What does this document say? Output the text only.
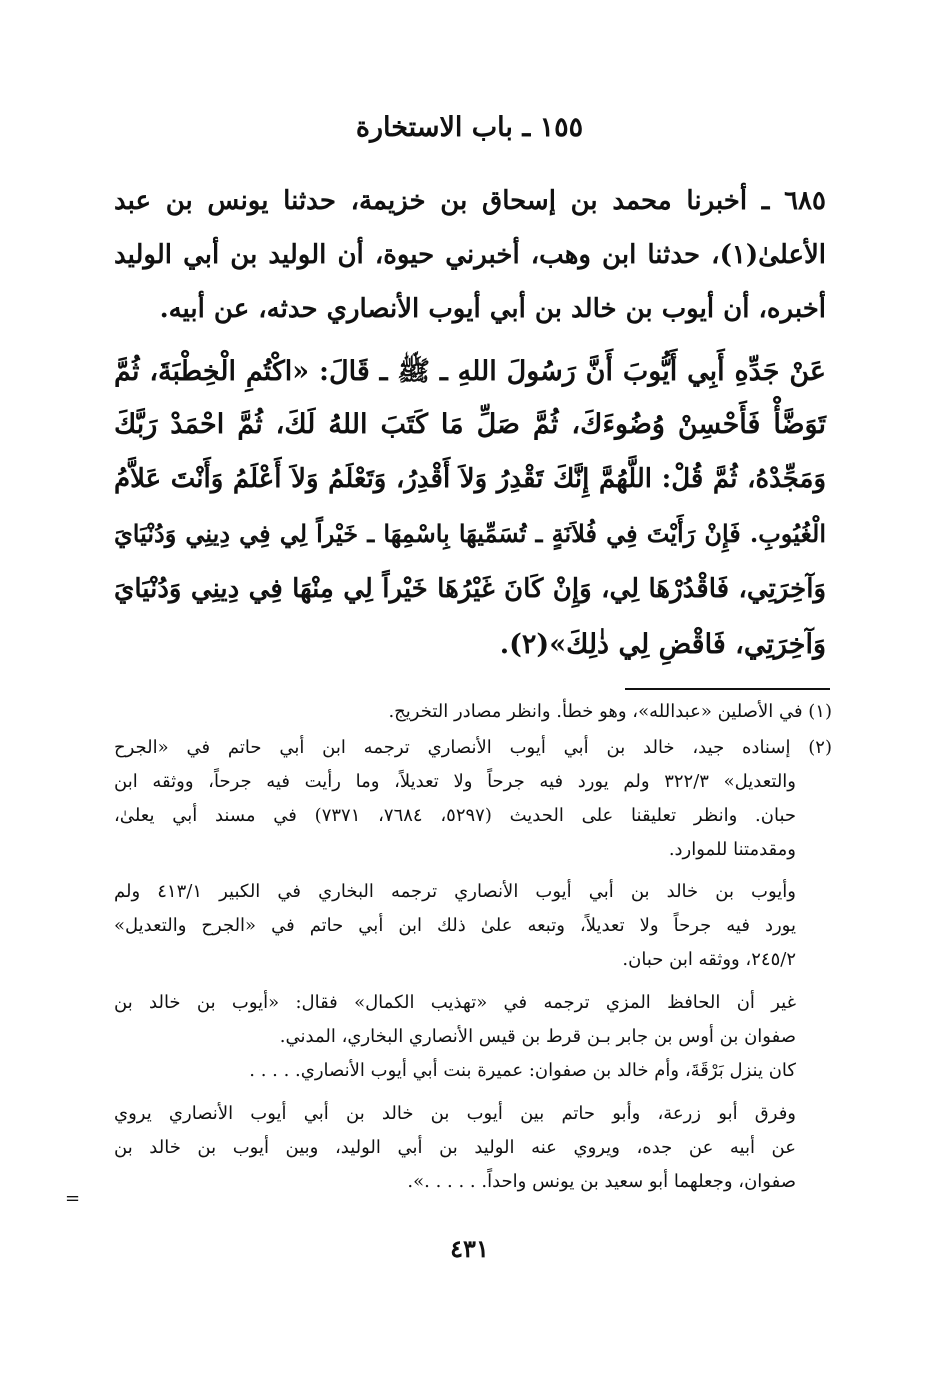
١٥٥ ـ باب الاستخارة
٦٨٥ ـ أخبرنا محمد بن إسحاق بن خزيمة، حدثنا يونس بن عبد
الأعلىٰ(١)، حدثنا ابن وهب، أخبرني حيوة، أن الوليد بن أبي الوليد
أخبره، أن أيوب بن خالد بن أبي أيوب الأنصاري حدثه، عن أبيه.
عَنْ جَدِّهِ أَبِي أَيُّوبَ أَنَّ رَسُولَ اللهِ ـ ﷺ ـ قَالَ: «اكْتُمِ الْخِطْبَةَ، ثُمَّ
تَوَضَّأْ فَأَحْسِنْ وُضُوءَكَ، ثُمَّ صَلِّ مَا كَتَبَ اللهُ لَكَ، ثُمَّ احْمَدْ رَبَّكَ
وَمَجِّدْهُ، ثُمَّ قُلْ: اللَّهُمَّ إِنَّكَ تَقْدِرُ وَلاَ أَقْدِرُ، وَتَعْلَمُ وَلاَ أَعْلَمُ وَأَنْتَ عَلاَّمُ
الْغُيُوبِ. فَإِنْ رَأَيْتَ فِي فُلاَنَةٍ ـ تُسَمِّيهَا بِاسْمِهَا ـ خَيْراً لِي فِي دِينِي وَدُنْيَايَ
وَآخِرَتِي، فَاقْدُرْهَا لِي، وَإِنْ كَانَ غَيْرُهَا خَيْراً لِي مِنْهَا فِي دِينِي وَدُنْيَايَ
وَآخِرَتِي، فَاقْضِ لِي ذٰلِكَ»(٢).
(١) في الأصلين «عبدالله»، وهو خطأ. وانظر مصادر التخريج.
(٢) إسناده جيد، خالد بن أبي أيوب الأنصاري ترجمه ابن أبي حاتم في «الجرح
والتعديل» ٣٢٢/٣ ولم يورد فيه جرحاً ولا تعديلاً، وما رأيت فيه جرحاً، ووثقه ابن
حبان. وانظر تعليقنا على الحديث (٥٢٩٧، ٧٦٨٤، ٧٣٧١) في مسند أبي يعلىٰ،
ومقدمتنا للموارد.
وأيوب بن خالد بن أبي أيوب الأنصاري ترجمه البخاري في الكبير ٤١٣/١ ولم
يورد فيه جرحاً ولا تعديلاً، وتبعه علىٰ ذلك ابن أبي حاتم في «الجرح والتعديل»
٢٤٥/٢، ووثقه ابن حبان.
غير أن الحافظ المزي ترجمه في «تهذيب الكمال» فقال: «أيوب بن خالد بن
صفوان بن أوس بن جابر بـن قرط بن قيس الأنصاري البخاري، المدني.
كان ينزل بَرْقَةَ، وأم خالد بن صفوان: عميرة بنت أبي أيوب الأنصاري. . . . .
وفرق أبو زرعة، وأبو حاتم بين أيوب بن خالد بن أبي أيوب الأنصاري يروي
عن أبيه عن جده، ويروي عنه الوليد بن أبي الوليد، وبين أيوب بن خالد بن
صفوان، وجعلهما أبو سعيد بن يونس واحداً. . . . . .».
=
٤٣١
